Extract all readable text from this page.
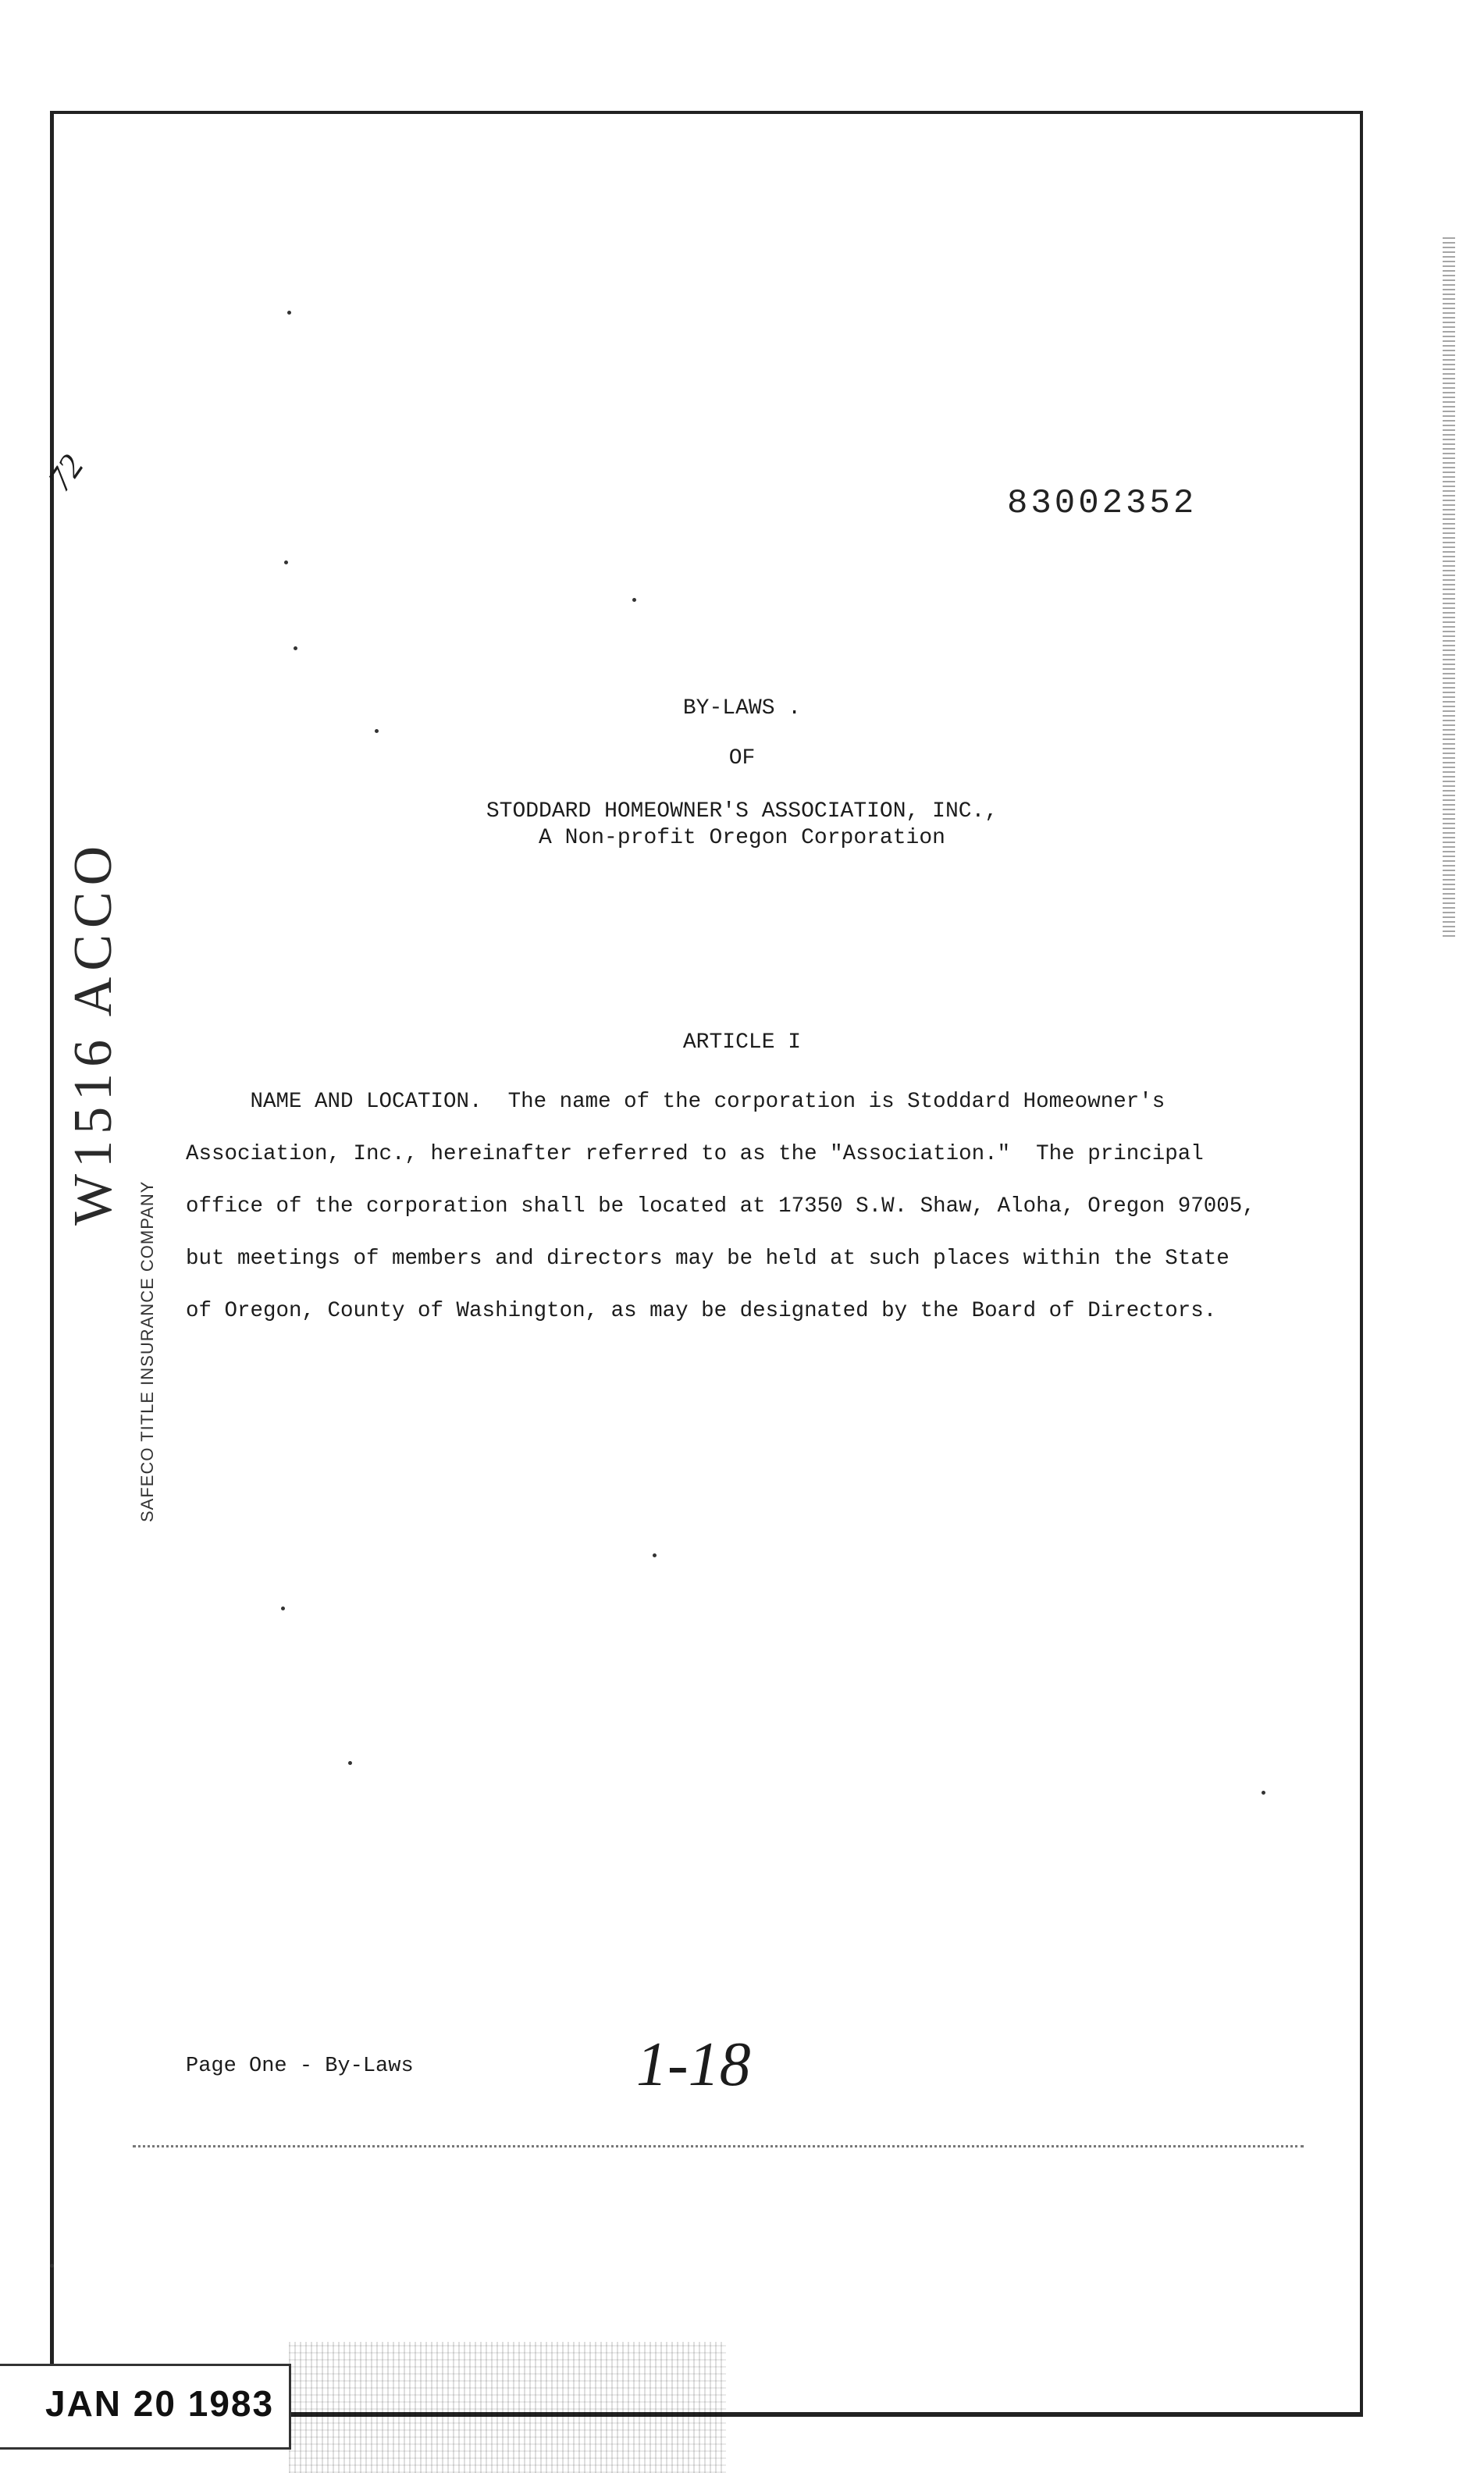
72
83002352
BY-LAWS .
OF
STODDARD HOMEOWNER'S ASSOCIATION, INC.,
A Non-profit Oregon Corporation
ARTICLE I

NAME AND LOCATION.  The name of the corporation is Stoddard Homeowner's

Association, Inc., hereinafter referred to as the "Association."  The principal

office of the corporation shall be located at 17350 S.W. Shaw, Aloha, Oregon 97005,

but meetings of members and directors may be held at such places within the State

of Oregon, County of Washington, as may be designated by the Board of Directors.

W1516 ACCO
SAFECO TITLE INSURANCE COMPANY
Page One - By-Laws	1-18
JAN 20 1983
